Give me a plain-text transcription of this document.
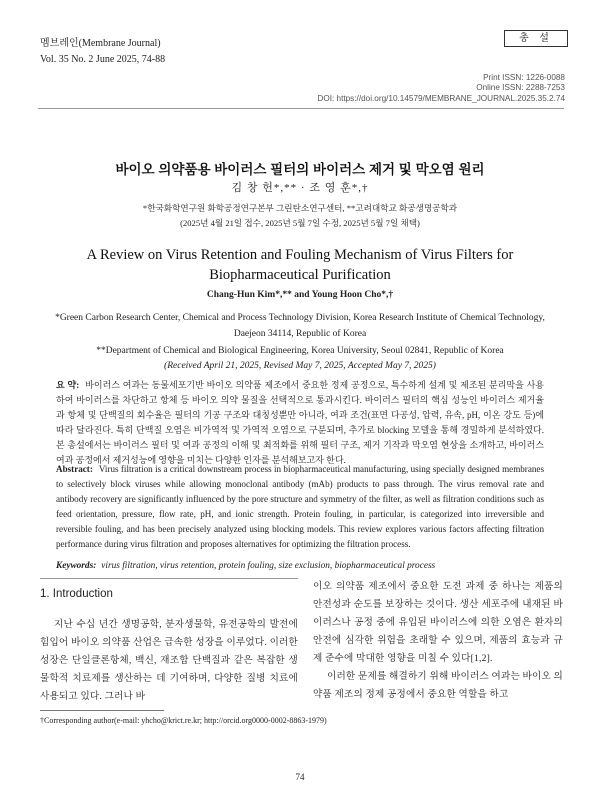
멤브레인(Membrane Journal)
Vol. 35 No. 2 June 2025, 74-88
총 설
Print ISSN: 1226-0088
Online ISSN: 2288-7253
DOI: https://doi.org/10.14579/MEMBRANE_JOURNAL.2025.35.2.74
바이오 의약품용 바이러스 필터의 바이러스 제거 및 막오염 원리
김 창 헌*,** · 조 영 훈*,†
*한국화학연구원 화학공정연구본부 그린탄소연구센터, **고려대학교 화공생명공학과
(2025년 4월 21일 접수, 2025년 5월 7일 수정, 2025년 5월 7일 채택)
A Review on Virus Retention and Fouling Mechanism of Virus Filters for
Biopharmaceutical Purification
Chang-Hun Kim*,** and Young Hoon Cho*,†
*Green Carbon Research Center, Chemical and Process Technology Division, Korea Research Institute of Chemical Technology,
Daejeon 34114, Republic of Korea
**Department of Chemical and Biological Engineering, Korea University, Seoul 02841, Republic of Korea
(Received April 21, 2025, Revised May 7, 2025, Accepted May 7, 2025)
요 약: 바이러스 여과는 동물세포기반 바이오 의약품 제조에서 중요한 정제 공정으로, 특수하게 설계 및 제조된 분리막을 사용하여 바이러스를 차단하고 항체 등 바이오 의약 물질을 선택적으로 통과시킨다. 바이러스 필터의 핵심 성능인 바이러스 제거율과 항체 및 단백질의 회수율은 필터의 기공 구조와 대칭성뿐만 아니라, 여과 조건(표면 다공성, 압력, 유속, pH, 이온 강도 등)에 따라 달라진다. 특히 단백질 오염은 비가역적 및 가역적 오염으로 구분되며, 추가로 blocking 모델을 통해 경밀하게 분석하였다. 본 총설에서는 바이러스 필터 및 여과 공정의 이해 및 최적화를 위해 필터 구조, 제거 기작과 막오염 현상을 소개하고, 바이러스 여과 공정에서 제거성능에 영향을 미치는 다양한 인자를 분석해보고자 한다.
Abstract: Virus filtration is a critical downstream process in biopharmaceutical manufacturing, using specially designed membranes to selectively block viruses while allowing monoclonal antibody (mAb) products to pass through. The virus removal rate and antibody recovery are significantly influenced by the pore structure and symmetry of the filter, as well as filtration conditions such as feed orientation, pressure, flow rate, pH, and ionic strength. Protein fouling, in particular, is categorized into irreversible and reversible fouling, and has been precisely analyzed using blocking models. This review explores various factors affecting filtration performance during virus filtration and proposes alternatives for optimizing the filtration process.
Keywords: virus filtration, virus retention, protein fouling, size exclusion, biopharmaceutical process
1. Introduction
지난 수십 년간 생명공학, 분자생물학, 유전공학의 발전에 힘입어 바이오 의약품 산업은 급속한 성장을 이루었다. 이러한 성장은 단일클론항체, 백신, 재조합 단백질과 같은 복잡한 생물학적 치료제를 생산하는 데 기여하며, 다양한 질병 치료에 사용되고 있다. 그러나 바
이오 의약품 제조에서 중요한 도전 과제 중 하나는 제품의 안전성과 순도를 보장하는 것이다. 생산 세포주에 내재된 바이러스나 공정 중에 유입된 바이러스에 의한 오염은 환자의 안전에 심각한 위험을 초래할 수 있으며, 제품의 효능과 규제 준수에 막대한 영향을 미칠 수 있다[1,2].
이러한 문제를 해결하기 위해 바이러스 여과는 바이오 의약품 제조의 정제 공정에서 중요한 역할을 하고
†Corresponding author(e-mail: yhcho@krict.re.kr; http://orcid.org0000-0002-8863-1979)
74
